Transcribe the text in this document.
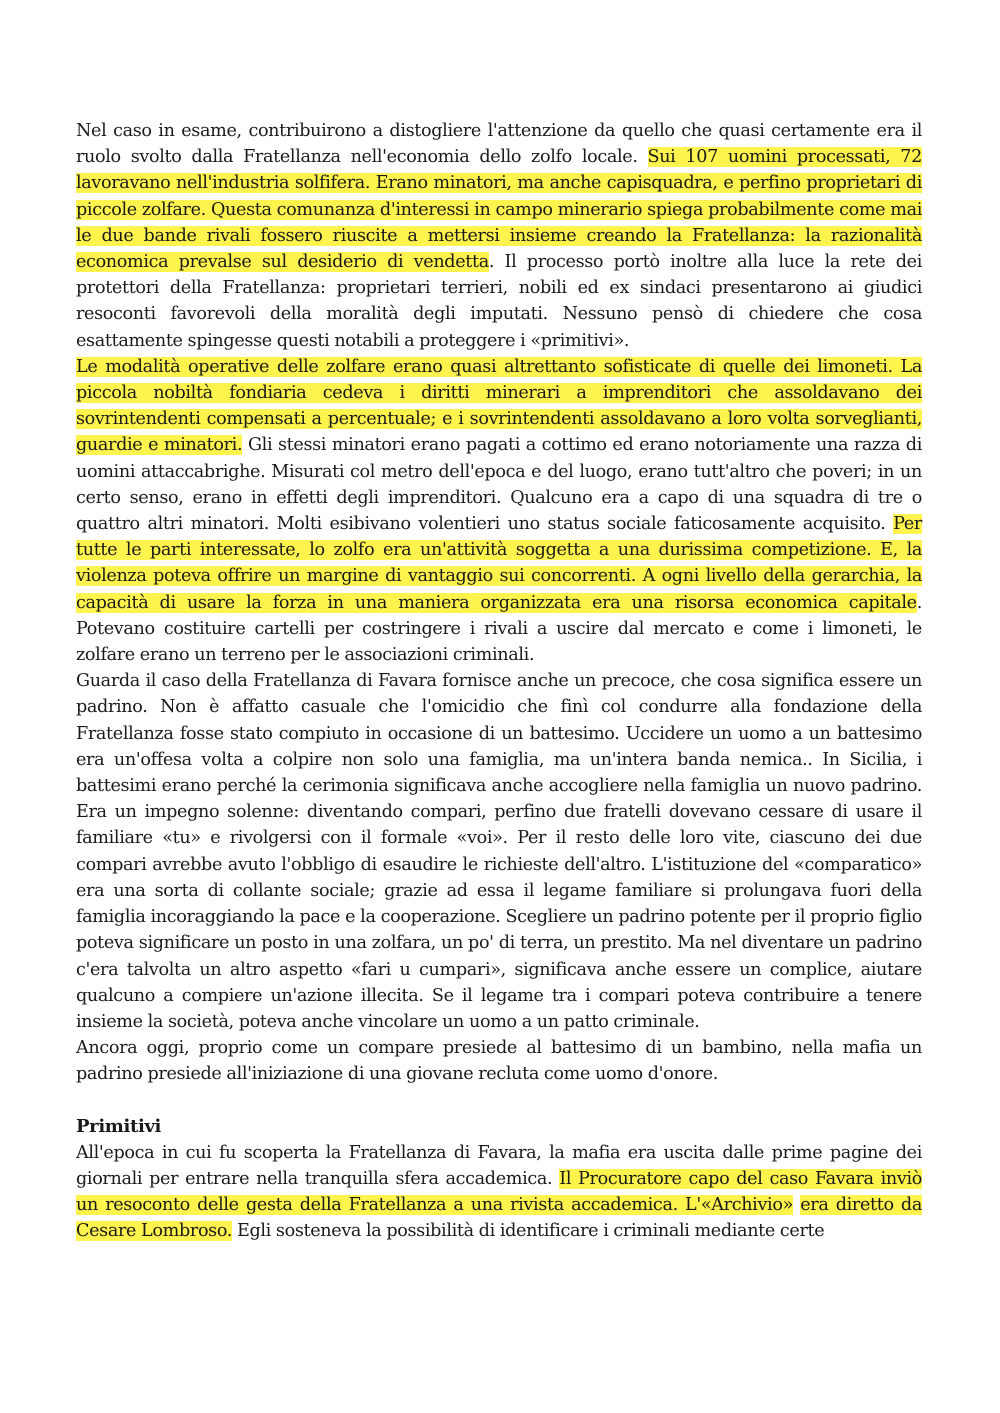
Nel caso in esame, contribuirono a distogliere l'attenzione da quello che quasi certamente era il ruolo svolto dalla Fratellanza nell'economia dello zolfo locale. Sui 107 uomini processati, 72 lavoravano nell'industria solfifera. Erano minatori, ma anche capisquadra, e perfino proprietari di piccole zolfare. Questa comunanza d'interessi in campo minerario spiega probabilmente come mai le due bande rivali fossero riuscite a mettersi insieme creando la Fratellanza: la razionalità economica prevalse sul desiderio di vendetta. Il processo portò inoltre alla luce la rete dei protettori della Fratellanza: proprietari terrieri, nobili ed ex sindaci presentarono ai giudici resoconti favorevoli della moralità degli imputati. Nessuno pensò di chiedere che cosa esattamente spingesse questi notabili a proteggere i «primitivi».

Le modalità operative delle zolfare erano quasi altrettanto sofisticate di quelle dei limoneti. La piccola nobiltà fondiaria cedeva i diritti minerari a imprenditori che assoldavano dei sovrintendenti compensati a percentuale; e i sovrintendenti assoldavano a loro volta sorveglianti, guardie e minatori. Gli stessi minatori erano pagati a cottimo ed erano notoriamente una razza di uomini attaccabrighe. Misurati col metro dell'epoca e del luogo, erano tutt'altro che poveri; in un certo senso, erano in effetti degli imprenditori. Qualcuno era a capo di una squadra di tre o quattro altri minatori. Molti esibivano volentieri uno status sociale faticosamente acquisito. Per tutte le parti interessate, lo zolfo era un'attività soggetta a una durissima competizione. E, la violenza poteva offrire un margine di vantaggio sui concorrenti. A ogni livello della gerarchia, la capacità di usare la forza in una maniera organizzata era una risorsa economica capitale. Potevano costituire cartelli per costringere i rivali a uscire dal mercato e come i limoneti, le zolfare erano un terreno per le associazioni criminali.

Guarda il caso della Fratellanza di Favara fornisce anche un precoce, che cosa significa essere un padrino. Non è affatto casuale che l'omicidio che finì col condurre alla fondazione della Fratellanza fosse stato compiuto in occasione di un battesimo. Uccidere un uomo a un battesimo era un'offesa volta a colpire non solo una famiglia, ma un'intera banda nemica.. In Sicilia, i battesimi erano perché la cerimonia significava anche accogliere nella famiglia un nuovo padrino. Era un impegno solenne: diventando compari, perfino due fratelli dovevano cessare di usare il familiare «tu» e rivolgersi con il formale «voi». Per il resto delle loro vite, ciascuno dei due compari avrebbe avuto l'obbligo di esaudire le richieste dell'altro. L'istituzione del «comparatico» era una sorta di collante sociale; grazie ad essa il legame familiare si prolungava fuori della famiglia incoraggiando la pace e la cooperazione. Scegliere un padrino potente per il proprio figlio poteva significare un posto in una zolfara, un po' di terra, un prestito. Ma nel diventare un padrino c'era talvolta un altro aspetto «fari u cumpari», significava anche essere un complice, aiutare qualcuno a compiere un'azione illecita. Se il legame tra i compari poteva contribuire a tenere insieme la società, poteva anche vincolare un uomo a un patto criminale.

Ancora oggi, proprio come un compare presiede al battesimo di un bambino, nella mafia un padrino presiede all'iniziazione di una giovane recluta come uomo d'onore.

Primitivi

All'epoca in cui fu scoperta la Fratellanza di Favara, la mafia era uscita dalle prime pagine dei giornali per entrare nella tranquilla sfera accademica. Il Procuratore capo del caso Favara inviò un resoconto delle gesta della Fratellanza a una rivista accademica. L'«Archivio» era diretto da Cesare Lombroso. Egli sosteneva la possibilità di identificare i criminali mediante certe
